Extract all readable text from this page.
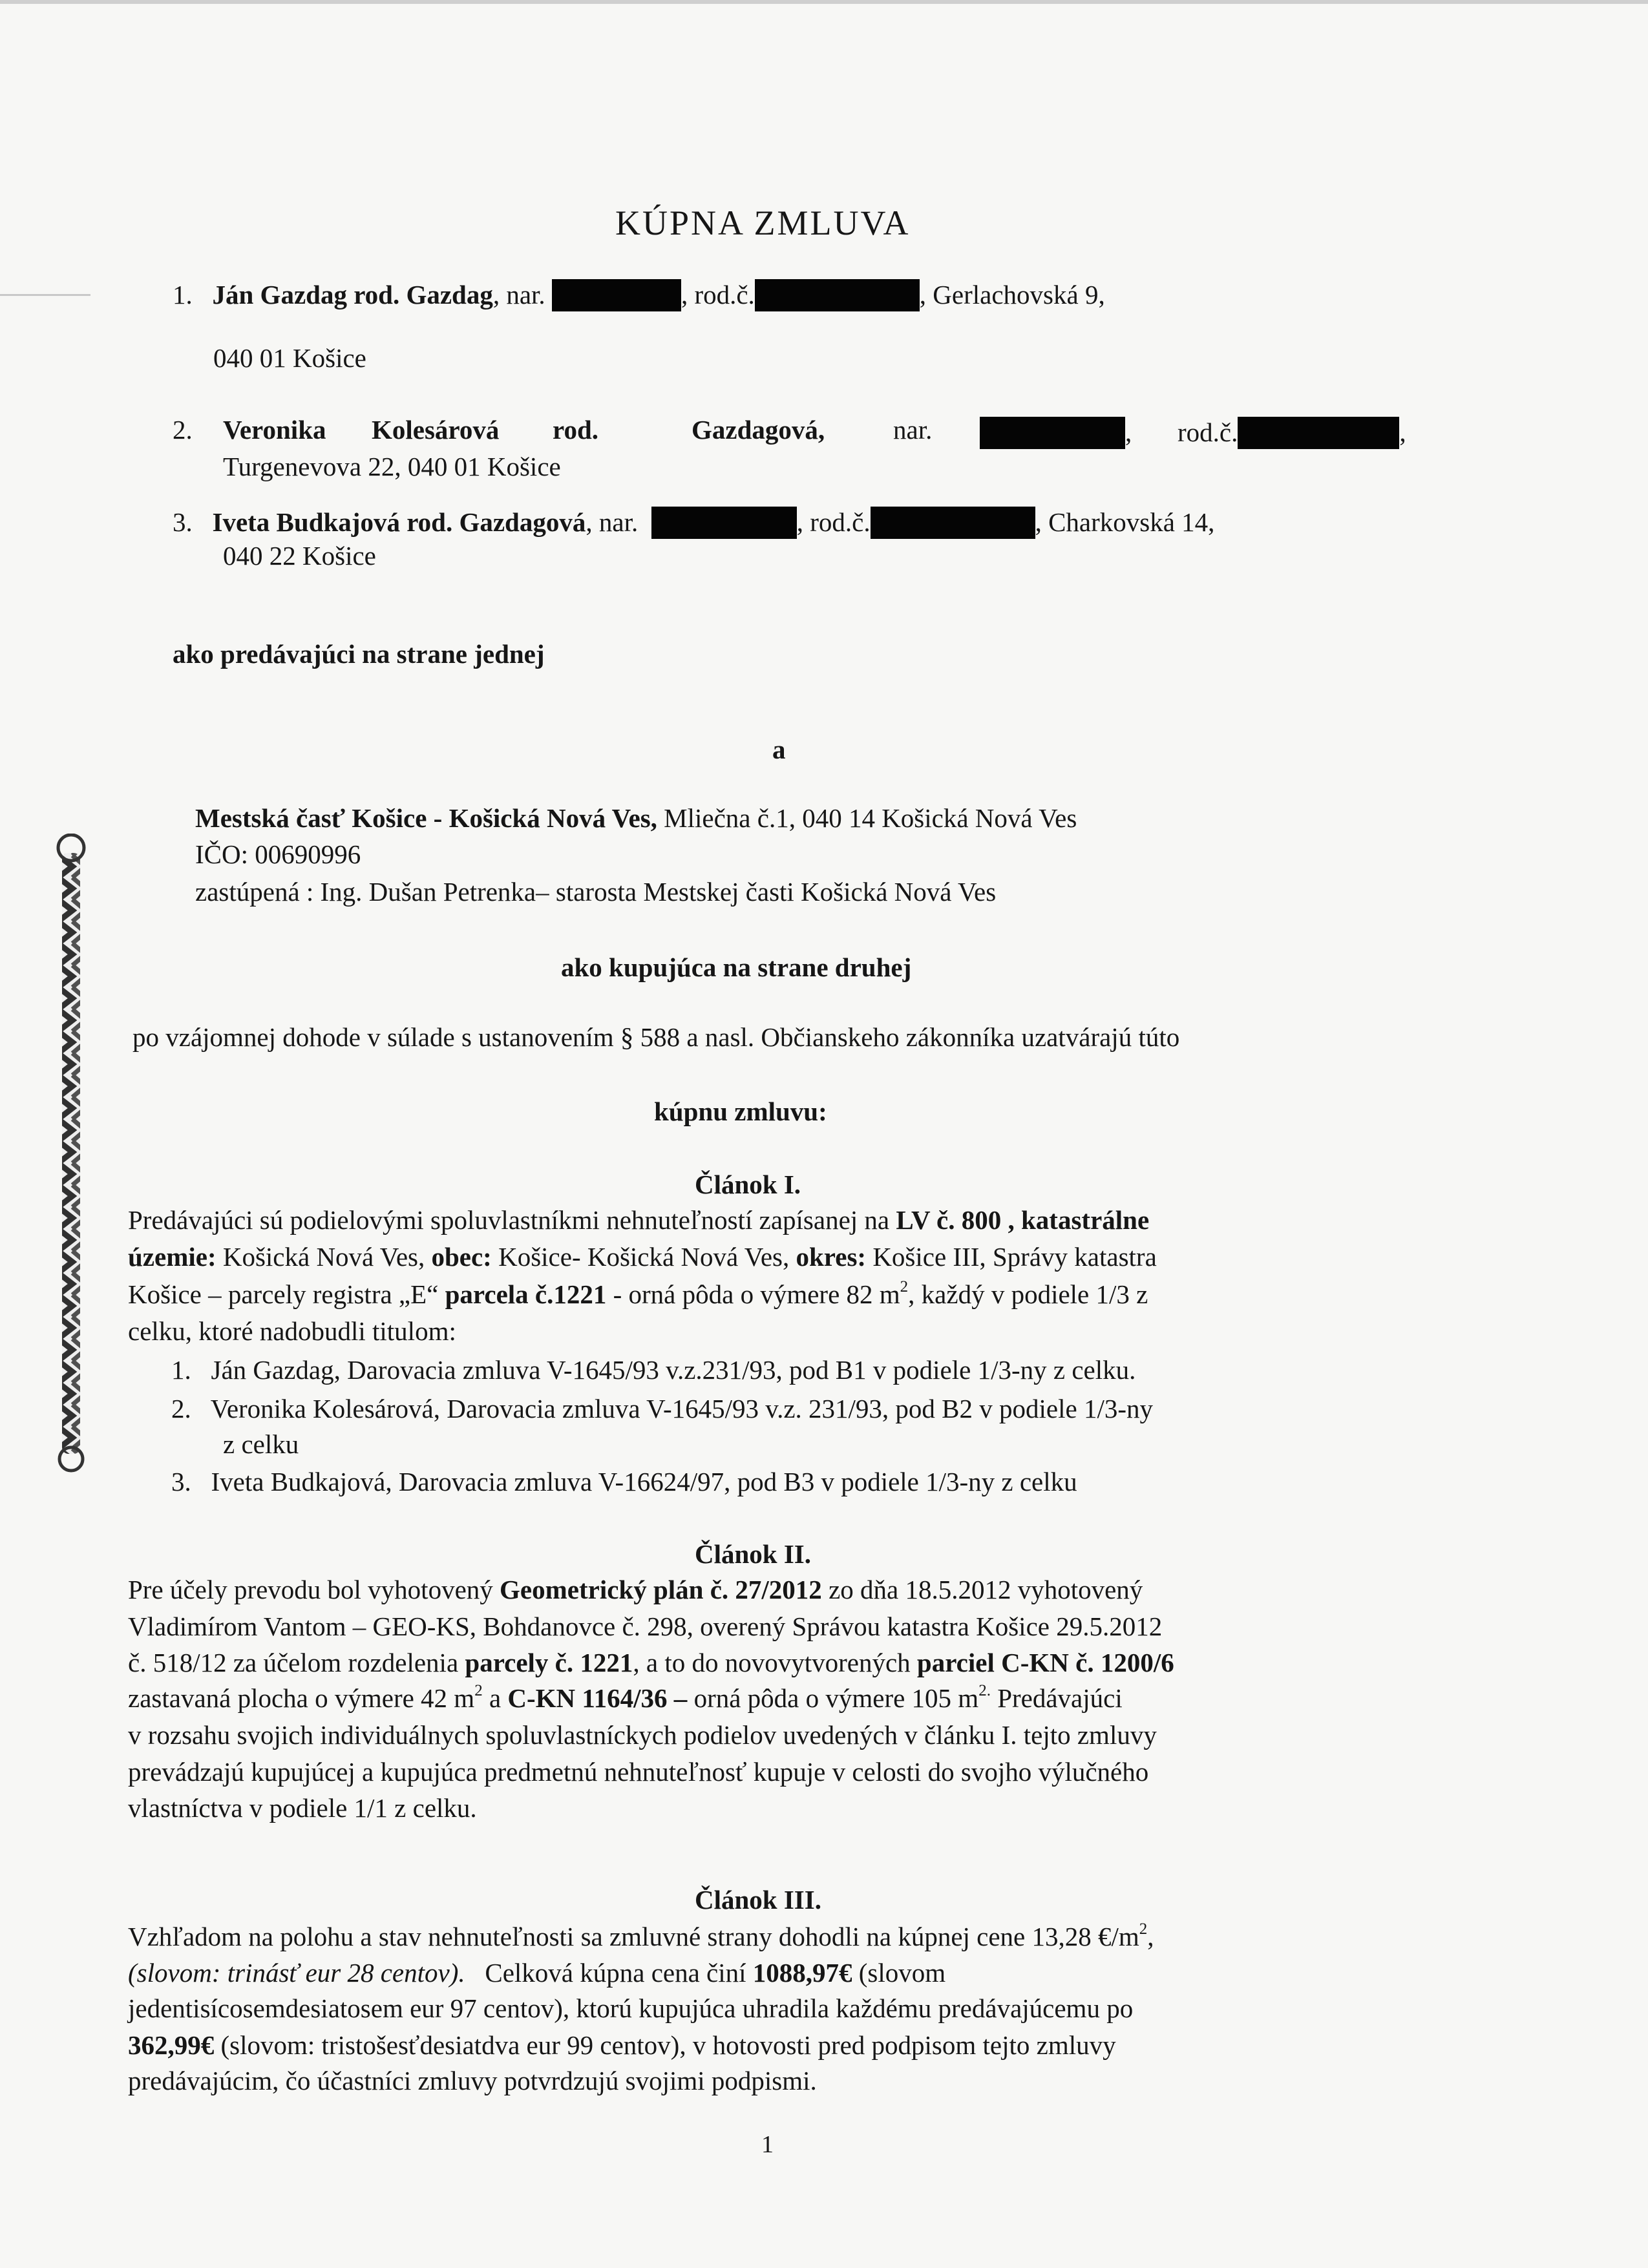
KÚPNA ZMLUVA
1. Ján Gazdag rod. Gazdag, nar.	, rod.č.	, Gerlachovská 9,
040 01 Košice
2. Veronika Kolesárová rod.	Gazdagová,	nar.	, rod.č.	,
Turgenevova 22, 040 01 Košice
3. Iveta Budkajová rod. Gazdagová, nar.	, rod.č.	, Charkovská 14,
040 22 Košice
ako predávajúci na strane jednej
a
Mestská časť Košice - Košická Nová Ves, Mliečna č.1, 040 14 Košická Nová Ves
IČO: 00690996
zastúpená : Ing. Dušan Petrenka– starosta Mestskej časti Košická Nová Ves
ako kupujúca na strane druhej
po vzájomnej dohode v súlade s ustanovením § 588 a nasl. Občianskeho zákonníka uzatvárajú túto
kúpnu zmluvu:
Článok I.
Predávajúci sú podielovými spoluvlastníkmi nehnuteľností zapísanej na LV č. 800 , katastrálne
územie: Košická Nová Ves, obec: Košice- Košická Nová Ves, okres: Košice III, Správy katastra
Košice – parcely registra „E“ parcela č.1221 - orná pôda o výmere 82 $m^2$, každý v podiele 1/3 z
celku, ktoré nadobudli titulom:
1. Ján Gazdag, Darovacia zmluva V-1645/93 v.z.231/93, pod B1 v podiele 1/3-ny z celku.
2. Veronika Kolesárová, Darovacia zmluva V-1645/93 v.z. 231/93, pod B2 v podiele 1/3-ny
z celku
3. Iveta Budkajová, Darovacia zmluva V-16624/97, pod B3 v podiele 1/3-ny z celku
Článok II.
Pre účely prevodu bol vyhotovený Geometrický plán č. 27/2012 zo dňa 18.5.2012 vyhotovený
Vladimírom Vantom – GEO-KS, Bohdanovce č. 298, overený Správou katastra Košice 29.5.2012
č. 518/12 za účelom rozdelenia parcely č. 1221, a to do novovytvorených parciel C-KN č. 1200/6
zastavaná plocha o výmere 42 $m^2$ a C-KN 1164/36 – orná pôda o výmere 105 $m^{2.}$ Predávajúci
v rozsahu svojich individuálnych spoluvlastníckych podielov uvedených v článku I. tejto zmluvy
prevádzajú kupujúcej a kupujúca predmetnú nehnuteľnosť kupuje v celosti do svojho výlučného
vlastníctva v podiele 1/1 z celku.
Článok III.
Vzhľadom na polohu a stav nehnuteľnosti sa zmluvné strany dohodli na kúpnej cene 13,28 $€/m^2$,
(slovom: trinásť eur 28 centov). Celková kúpna cena činí 1088,97€ (slovom
jedentisícosemdesiatosem eur 97 centov), ktorú kupujúca uhradila každému predávajúcemu po
362,99€ (slovom: tristošesťdesiatdva eur 99 centov), v hotovosti pred podpisom tejto zmluvy
predávajúcim, čo účastníci zmluvy potvrdzujú svojimi podpismi.
1
